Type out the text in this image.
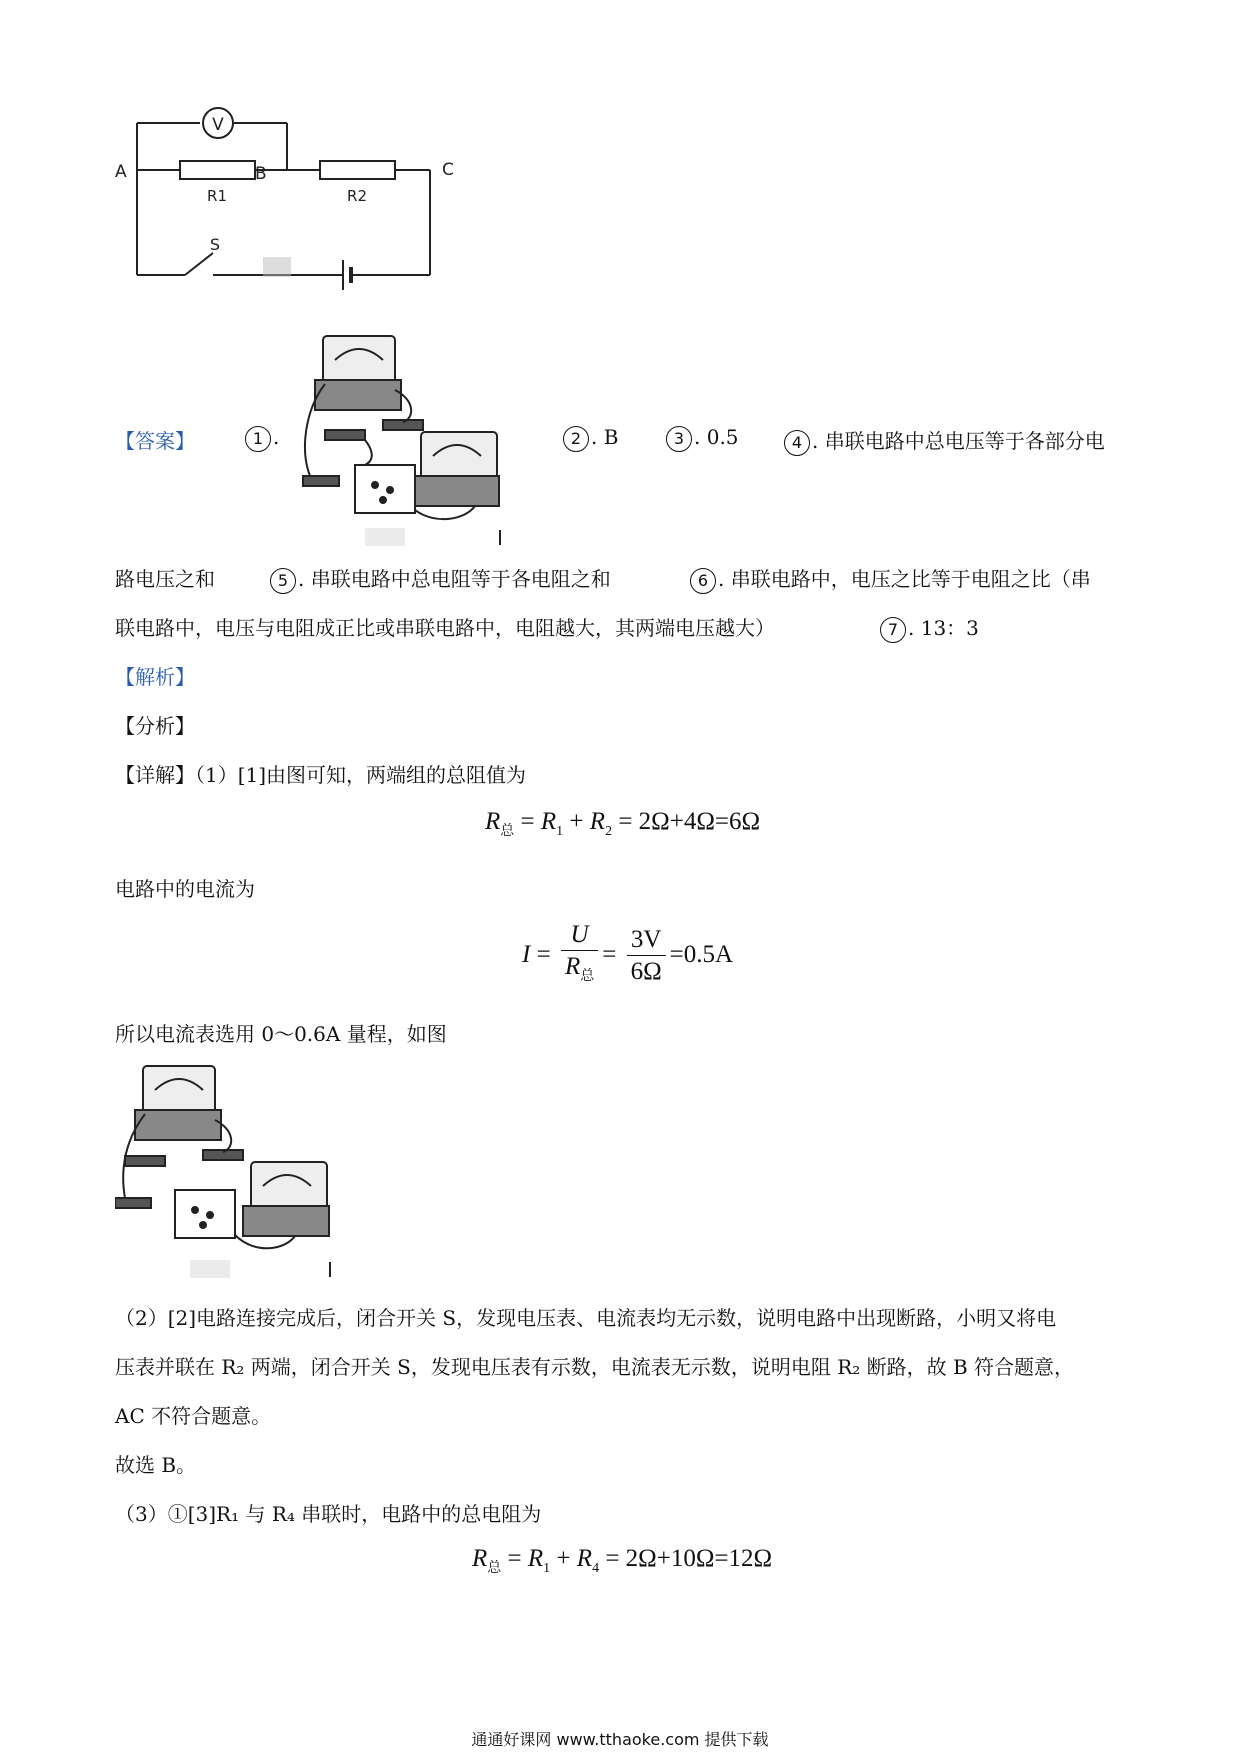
V
A	B	C
R1	R2
S
【答案】	1 .	2 . B	3 . 0.5	4 . 串联电路中总电压等于各部分电
路电压之和	5 . 串联电路中总电阻等于各电阻之和	6 . 串联电路中，电压之比等于电阻之比（串
联电路中，电压与电阻成正比或串联电路中，电阻越大，其两端电压越大）	7 . 13：3
【解析】
【分析】
【详解】（1）[1]由图可知，两端组的总阻值为
$R_总 = R_1 + R_2 = 2\Omega+4\Omega=6\Omega$
电路中的电流为
$I = \frac{U}{R_总} = \frac{3V}{6\Omega} =0.5A$
所以电流表选用 0～0.6A 量程，如图
（2）[2]电路连接完成后，闭合开关 S，发现电压表、电流表均无示数，说明电路中出现断路，小明又将电
压表并联在 R₂ 两端，闭合开关 S，发现电压表有示数，电流表无示数，说明电阻 R₂ 断路，故 B 符合题意，
AC 不符合题意。
故选 B。
（3）①[3]R₁ 与 R₄ 串联时，电路中的总电阻为
$R_总 = R_1 + R_4 = 2\Omega+10\Omega=12\Omega$
通通好课网 www.tthaoke.com 提供下载
